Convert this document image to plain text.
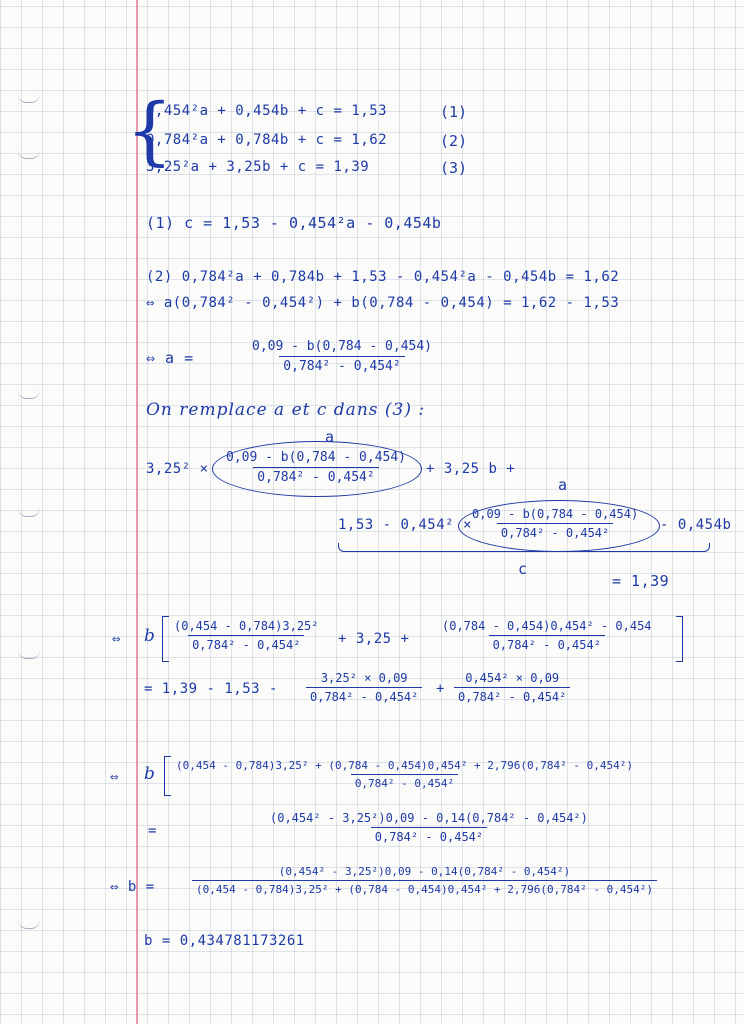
{
0,454²a + 0,454b + c = 1,53	(1)
0,784²a + 0,784b + c = 1,62	(2)
3,25²a + 3,25b + c = 1,39	(3)
(1) c = 1,53 - 0,454²a - 0,454b
(2) 0,784²a + 0,784b + 1,53 - 0,454²a - 0,454b = 1,62
⇔ a(0,784² - 0,454²) + b(0,784 - 0,454) = 1,62 - 1,53
⇔ a =	$\frac{0,09 - b(0,784 - 0,454)}{\text{0,784² - 0,454²}}$
On remplace a et c dans (3) :
a
$3,25^2 \times \frac{0,09 - b(0,784 - 0,454)}{\text{0,784² - 0,454²}} + 3,25$ b +
a
1,53 - 0,454² ×
$\frac{0,09 - b(0,784 - 0,454)}{\text{0,784² - 0,454²}} - 0,454b$
c
= 1,39
⇔ b $\frac{\text{(0,454 - 0,784)3,25²}}{\text{0,784² - 0,454²}} + 3,25 + \frac{\text{(0,784 - 0,454)0,454² - 0,454}}{\text{0,784² - 0,454²}}$
= $1,39 - 1,53 - \frac{\text{3,25² × 0,09}}{\text{0,784² - 0,454²}} + \frac{\text{0,454² × 0,09}}{\text{0,784² - 0,454²}}$
⇔ b	(0,454 - 0,784)3,25² + (0,784 - 0,454)0,454² + 2,796(0,784² - 0,454²)
0,784² - 0,454²
=	$\frac{\text{(0,454² - 3,25²)0,09 - 0,14(0,784² - 0,454²)}}{\text{0,784² - 0,454²}}$
⇔ b =
(0,454² - 3,25²)0,09 - 0,14(0,784² - 0,454²)
(0,454 - 0,784)3,25² + (0,784 - 0,454)0,454² + 2,796(0,784² - 0,454²)
b = 0,434781173261
